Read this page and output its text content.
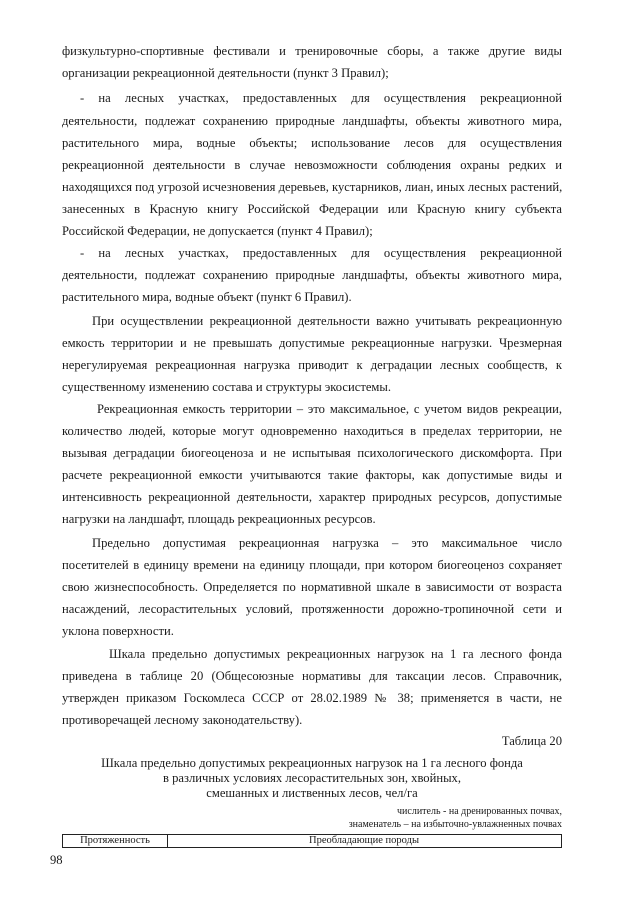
физкультурно-спортивные фестивали и тренировочные сборы, а также другие виды
организации рекреационной деятельности (пункт 3 Правил);
- на лесных участках, предоставленных для осуществления рекреационной
деятельности, подлежат сохранению природные ландшафты, объекты животного мира,
растительного мира, водные объекты; использование лесов для осуществления
рекреационной деятельности в случае невозможности соблюдения охраны редких и
находящихся под угрозой исчезновения деревьев, кустарников, лиан, иных лесных растений,
занесенных в Красную книгу Российской Федерации или Красную книгу субъекта
Российской Федерации, не допускается (пункт 4 Правил);
- на лесных участках, предоставленных для осуществления рекреационной
деятельности, подлежат сохранению природные ландшафты, объекты животного мира,
растительного мира, водные объект (пункт 6 Правил).
При осуществлении рекреационной деятельности важно учитывать рекреационную
емкость территории и не превышать допустимые рекреационные нагрузки. Чрезмерная
нерегулируемая рекреационная нагрузка приводит к деградации лесных сообществ, к
существенному изменению состава и структуры экосистемы.
Рекреационная емкость территории – это максимальное, с учетом видов рекреации,
количество людей, которые могут одновременно находиться в пределах территории, не
вызывая деградации биогеоценоза и не испытывая психологического дискомфорта. При
расчете рекреационной емкости учитываются такие факторы, как допустимые виды и
интенсивность рекреационной деятельности, характер природных ресурсов, допустимые
нагрузки на ландшафт, площадь рекреационных ресурсов.
Предельно допустимая рекреационная нагрузка – это максимальное число
посетителей в единицу времени на единицу площади, при котором биогеоценоз сохраняет
свою жизнеспособность. Определяется по нормативной шкале в зависимости от возраста
насаждений, лесорастительных условий, протяженности дорожно-тропиночной сети и
уклона поверхности.
Шкала предельно допустимых рекреационных нагрузок на 1 га лесного фонда
приведена в таблице 20 (Общесоюзные нормативы для таксации лесов. Справочник,
утвержден приказом Госкомлеса СССР от 28.02.1989 № 38; применяется в части, не
противоречащей лесному законодательству).
Таблица 20
Шкала предельно допустимых рекреационных нагрузок на 1 га лесного фонда
в различных условиях лесорастительных зон, хвойных,
смешанных и лиственных лесов, чел/га
числитель - на дренированных почвах,
знаменатель – на избыточно-увлажненных почвах
Протяженность	Преобладающие породы
98
